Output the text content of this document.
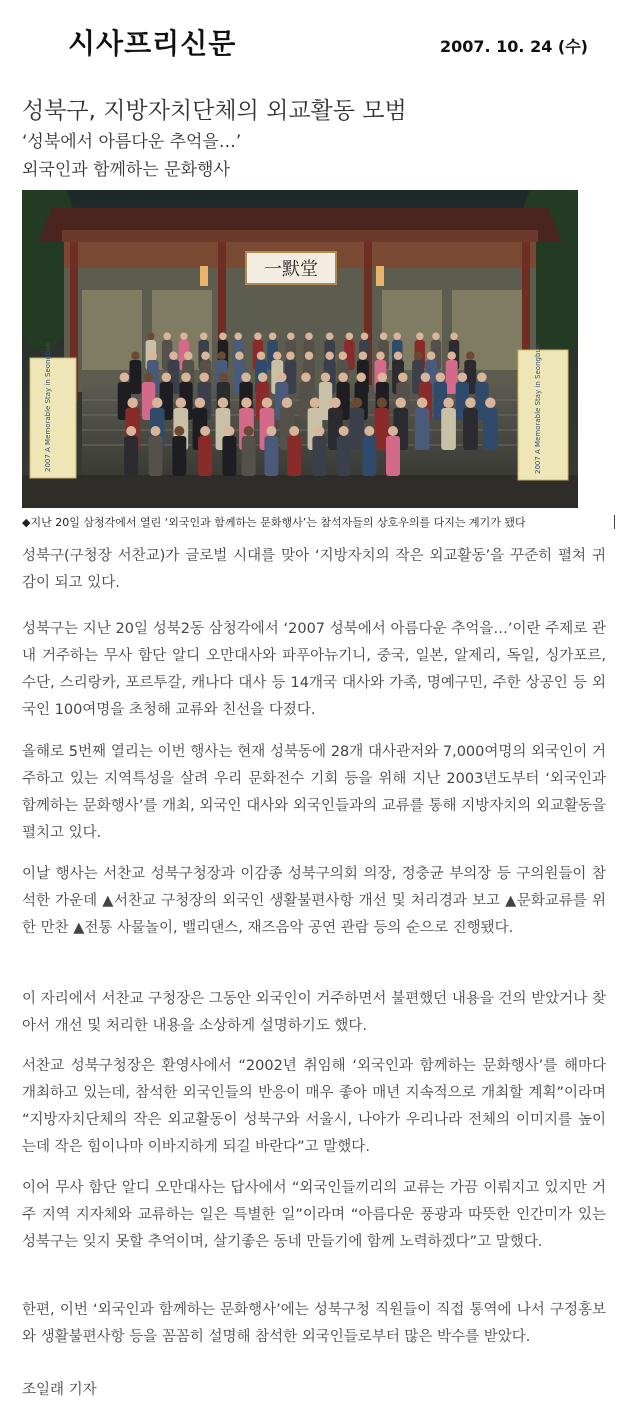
시사프리신문	2007. 10. 24 (수)
성북구, 지방자치단체의 외교활동 모범
‘성북에서 아름다운 추억을…’
외국인과 함께하는 문화행사
一默堂
2007 A Memorable Stay in Seongbuk	2007 A Memorable Stay in Seongbuk
◆지난 20일 삼청각에서 열린 ‘외국인과 함께하는 문화행사’는 참석자들의 상호우의를 다지는 계기가 됐다
성북구(구청장 서찬교)가 글로벌 시대를 맞아 ‘지방자치의 작은 외교활동’을 꾸준히 펼쳐 귀감이 되고 있다.
성북구는 지난 20일 성북2동 삼청각에서 ‘2007 성북에서 아름다운 추억을…’이란 주제로 관내 거주하는 무사 함단 알디 오만대사와 파푸아뉴기니, 중국, 일본, 알제리, 독일, 싱가포르, 수단, 스리랑카, 포르투갈, 캐나다 대사 등 14개국 대사와 가족, 명예구민, 주한 상공인 등 외국인 100여명을 초청해 교류와 친선을 다졌다.
올해로 5번째 열리는 이번 행사는 현재 성북동에 28개 대사관저와 7,000여명의 외국인이 거주하고 있는 지역특성을 살려 우리 문화전수 기회 등을 위해 지난 2003년도부터 ‘외국인과 함께하는 문화행사’를 개최, 외국인 대사와 외국인들과의 교류를 통해 지방자치의 외교활동을 펼치고 있다.
이날 행사는 서찬교 성북구청장과 이감종 성북구의회 의장, 정충균 부의장 등 구의원들이 참석한 가운데 ▲서찬교 구청장의 외국인 생활불편사항 개선 및 처리경과 보고 ▲문화교류를 위한 만찬 ▲전통 사물놀이, 밸리댄스, 재즈음악 공연 관람 등의 순으로 진행됐다.
이 자리에서 서찬교 구청장은 그동안 외국인이 거주하면서 불편했던 내용을 건의 받았거나 찾아서 개선 및 처리한 내용을 소상하게 설명하기도 했다.
서찬교 성북구청장은 환영사에서 “2002년 취임해 ‘외국인과 함께하는 문화행사’를 해마다 개최하고 있는데, 참석한 외국인들의 반응이 매우 좋아 매년 지속적으로 개최할 계획”이라며 “지방자치단체의 작은 외교활동이 성북구와 서울시, 나아가 우리나라 전체의 이미지를 높이는데 작은 힘이나마 이바지하게 되길 바란다”고 말했다.
이어 무사 함단 알디 오만대사는 답사에서 “외국인들끼리의 교류는 가끔 이뤄지고 있지만 거주 지역 지자체와 교류하는 일은 특별한 일”이라며 “아름다운 풍광과 따뜻한 인간미가 있는 성북구는 잊지 못할 추억이며, 살기좋은 동네 만들기에 함께 노력하겠다”고 말했다.
한편, 이번 ‘외국인과 함께하는 문화행사’에는 성북구청 직원들이 직접 통역에 나서 구정홍보와 생활불편사항 등을 꼼꼼히 설명해 참석한 외국인들로부터 많은 박수를 받았다.
조일래 기자
